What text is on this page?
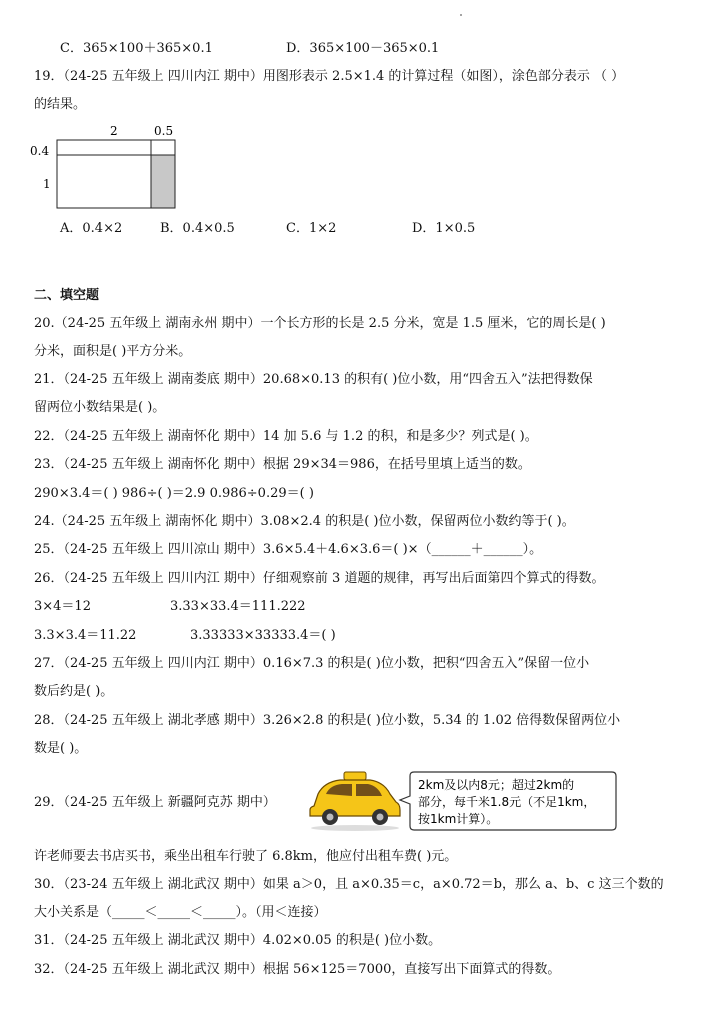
C．365×100＋365×0.1	D．365×100－365×0.1
19．（24-25 五年级上 四川内江 期中）用图形表示 2.5×1.4 的计算过程（如图），涂色部分表示 （ ）
的结果。
2	0.5
0.4
1
A．0.4×2	B．0.4×0.5	C．1×2	D．1×0.5
二、填空题
20.（24-25 五年级上 湖南永州 期中）一个长方形的长是 2.5 分米，宽是 1.5 厘米，它的周长是( )
分米，面积是( )平方分米。
21．（24-25 五年级上 湖南娄底 期中）20.68×0.13 的积有( )位小数，用“四舍五入”法把得数保
留两位小数结果是( )。
22．（24-25 五年级上 湖南怀化 期中）14 加 5.6 与 1.2 的积，和是多少？列式是( )。
23．（24-25 五年级上 湖南怀化 期中）根据 29×34＝986，在括号里填上适当的数。
290×3.4＝( ) 986÷( )＝2.9 0.986÷0.29＝( )
24.（24-25 五年级上 湖南怀化 期中）3.08×2.4 的积是( )位小数，保留两位小数约等于( )。
25．（24-25 五年级上 四川凉山 期中）3.6×5.4＋4.6×3.6＝( )×（______＋______）。
26．（24-25 五年级上 四川内江 期中）仔细观察前 3 道题的规律，再写出后面第四个算式的得数。
3×4＝12	3.33×33.4＝111.222
3.3×3.4＝11.22	3.33333×33333.4＝( )
27．（24-25 五年级上 四川内江 期中）0.16×7.3 的积是( )位小数，把积“四舍五入”保留一位小
数后约是( )。
28．（24-25 五年级上 湖北孝感 期中）3.26×2.8 的积是( )位小数，5.34 的 1.02 倍得数保留两位小
数是( )。
29．（24-25 五年级上 新疆阿克苏 期中）
2km及以内8元；超过2km的
部分，每千米1.8元（不足1km，
按1km计算）。
许老师要去书店买书，乘坐出租车行驶了 6.8km，他应付出租车费( )元。
30．（23-24 五年级上 湖北武汉 期中）如果 a＞0，且 a×0.35＝c，a×0.72＝b，那么 a、b、c 这三个数的
大小关系是（_____＜_____＜_____）。（用＜连接）
31．（24-25 五年级上 湖北武汉 期中）4.02×0.05 的积是( )位小数。
32．（24-25 五年级上 湖北武汉 期中）根据 56×125＝7000，直接写出下面算式的得数。
